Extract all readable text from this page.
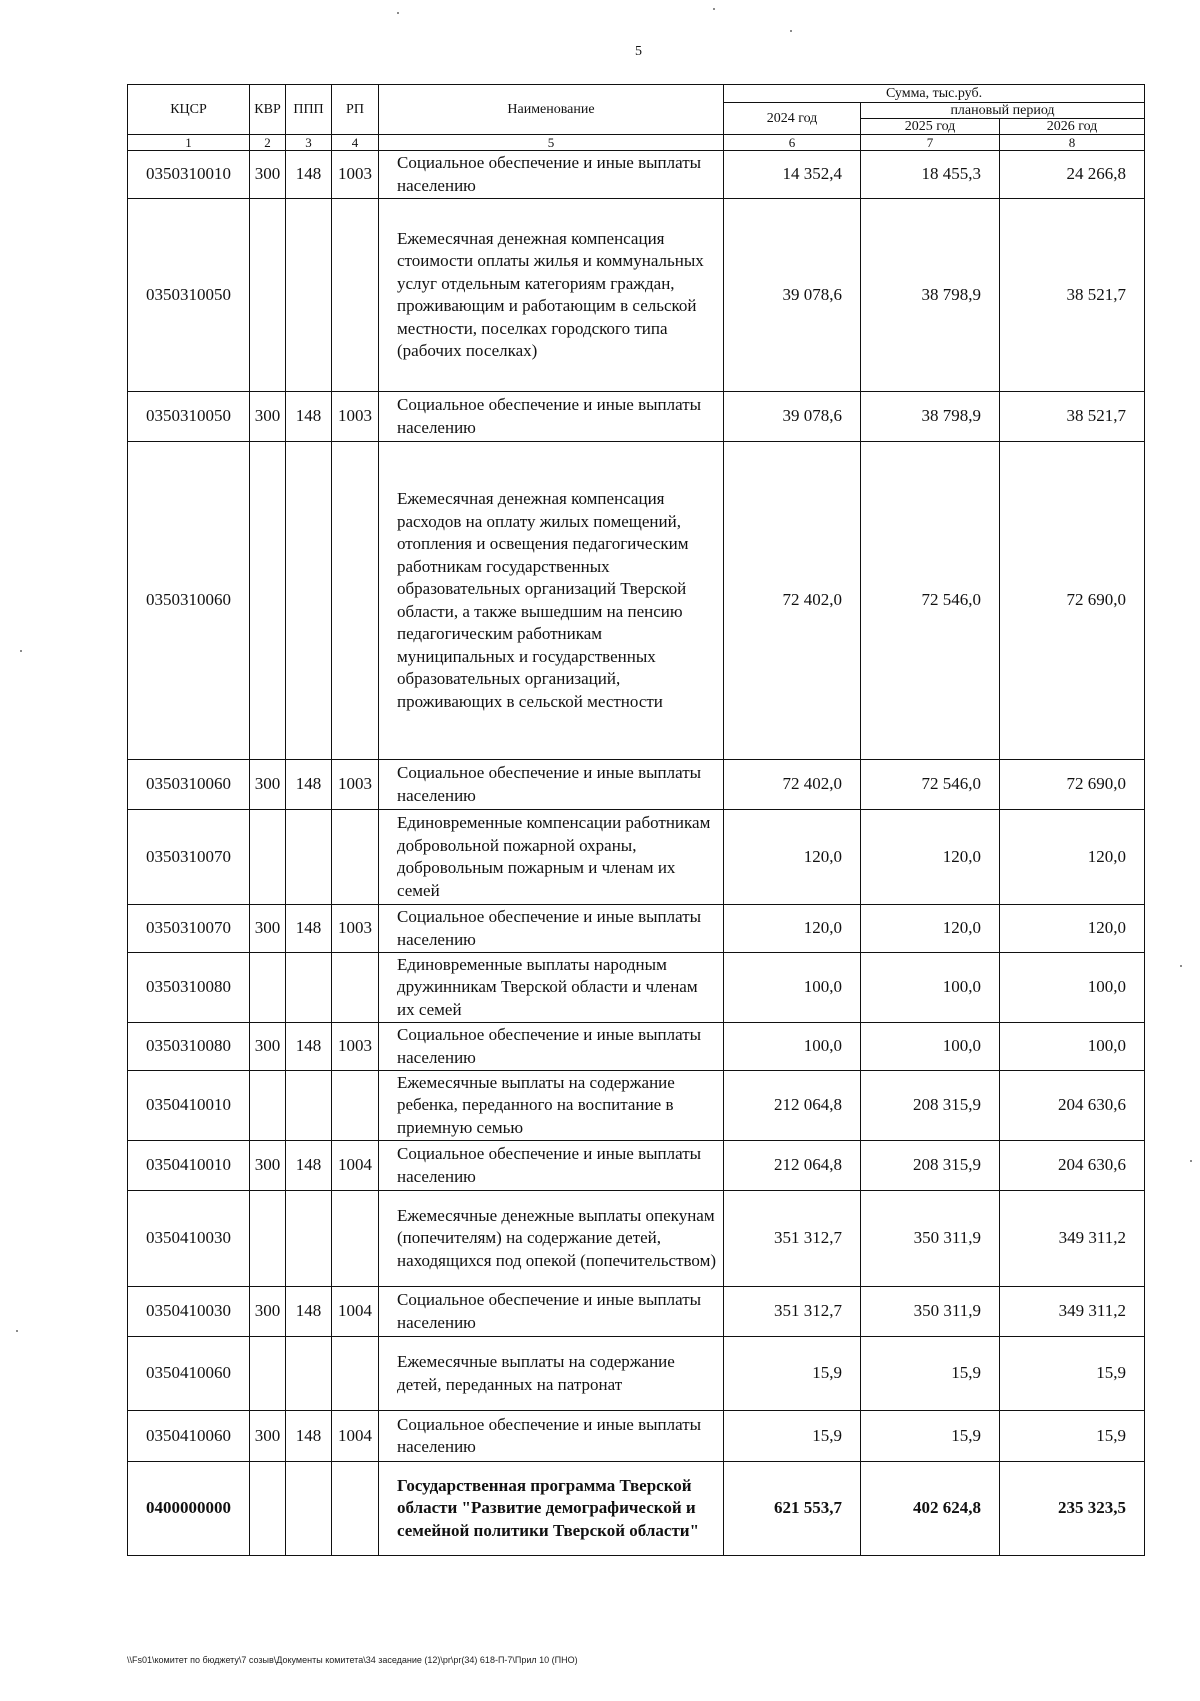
5
КЦСР	КВР	ППП	РП	Наименование	Сумма, тыс.руб.		
					2024 год	плановый период	
						2025 год	2026 год
1	2	3	4	5	6	7	8
0350310010	300	148	1003	Социальное обеспечение и иные выплаты населению	14 352,4	18 455,3	24 266,8
0350310050				Ежемесячная денежная компенсация стоимости оплаты жилья и коммунальных услуг отдельным категориям граждан, проживающим и работающим в сельской местности, поселках городского типа (рабочих поселках)	39 078,6	38 798,9	38 521,7
0350310050	300	148	1003	Социальное обеспечение и иные выплаты населению	39 078,6	38 798,9	38 521,7
0350310060				Ежемесячная денежная компенсация расходов на оплату жилых помещений, отопления и освещения педагогическим работникам государственных образовательных организаций Тверской области, а также вышедшим на пенсию педагогическим работникам муниципальных и государственных образовательных организаций, проживающих в сельской местности	72 402,0	72 546,0	72 690,0
0350310060	300	148	1003	Социальное обеспечение и иные выплаты населению	72 402,0	72 546,0	72 690,0
0350310070				Единовременные компенсации работникам добровольной пожарной охраны, добровольным пожарным и членам их семей	120,0	120,0	120,0
0350310070	300	148	1003	Социальное обеспечение и иные выплаты населению	120,0	120,0	120,0
0350310080				Единовременные выплаты народным дружинникам Тверской области и членам их семей	100,0	100,0	100,0
0350310080	300	148	1003	Социальное обеспечение и иные выплаты населению	100,0	100,0	100,0
0350410010				Ежемесячные выплаты на содержание ребенка, переданного на воспитание в приемную семью	212 064,8	208 315,9	204 630,6
0350410010	300	148	1004	Социальное обеспечение и иные выплаты населению	212 064,8	208 315,9	204 630,6
0350410030				Ежемесячные денежные выплаты опекунам (попечителям) на содержание детей, находящихся под опекой (попечительством)	351 312,7	350 311,9	349 311,2
0350410030	300	148	1004	Социальное обеспечение и иные выплаты населению	351 312,7	350 311,9	349 311,2
0350410060				Ежемесячные выплаты на содержание детей, переданных на патронат	15,9	15,9	15,9
0350410060	300	148	1004	Социальное обеспечение и иные выплаты населению	15,9	15,9	15,9
0400000000				Государственная программа Тверской области "Развитие демографической и семейной политики Тверской области"	621 553,7	402 624,8	235 323,5
\\Fs01\комитет по бюджету\7 созыв\Документы комитета\34 заседание (12)\pr\pr(34) 618-П-7\Прил 10 (ПНО)
